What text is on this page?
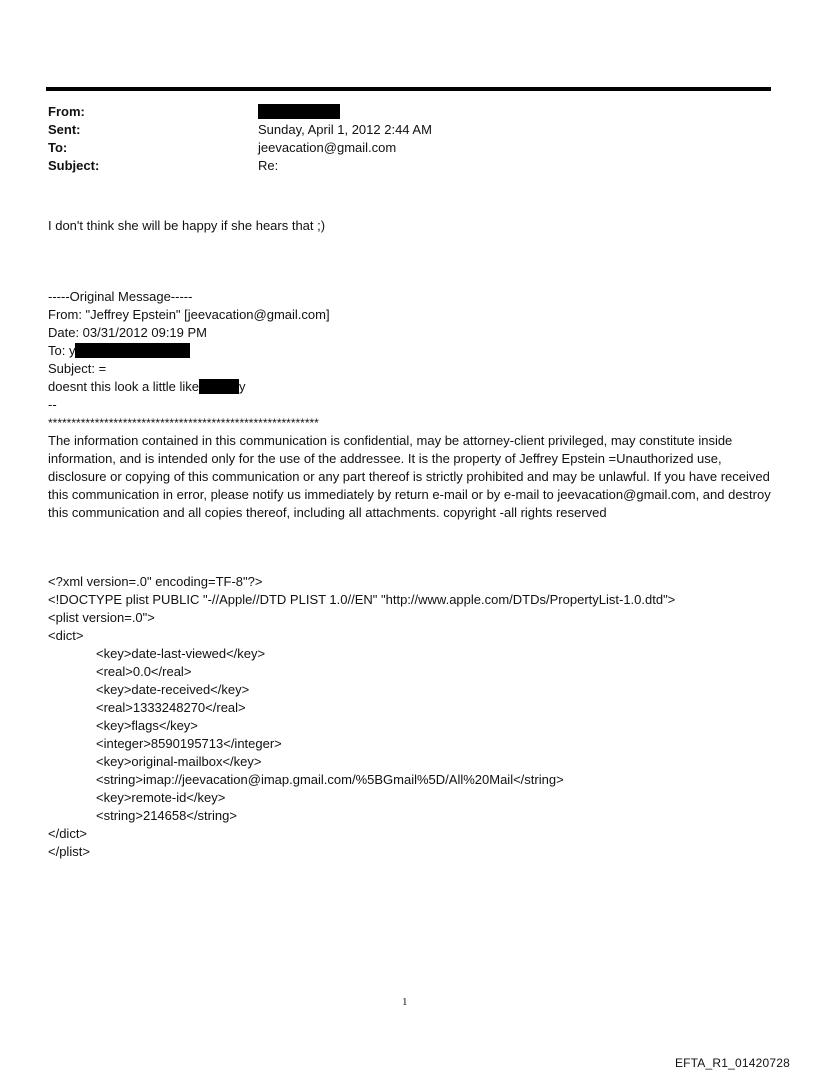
From:
Sent:	Sunday, April 1, 2012 2:44 AM
To:	jeevacation@gmail.com
Subject:	Re:
I don't think she will be happy if she hears that ;)
-----Original Message-----
From: "Jeffrey Epstein" [jeevacation@gmail.com]
Date: 03/31/2012 09:19 PM
To: y
Subject: =
doesnt this look a little like	y
--
**********************************************************
The information contained in this communication is confidential, may be attorney-client privileged, may constitute inside information, and is intended only for the use of the addressee. It is the property of Jeffrey Epstein =Unauthorized use, disclosure or copying of this communication or any part thereof is strictly prohibited and may be unlawful. If you have received this communication in error, please notify us immediately by return e-mail or by e-mail to jeevacation@gmail.com, and destroy this communication and all copies thereof, including all attachments. copyright -all rights reserved
<?xml version=.0" encoding=TF-8"?>
<!DOCTYPE plist PUBLIC "-//Apple//DTD PLIST 1.0//EN" "http://www.apple.com/DTDs/PropertyList-1.0.dtd">
<plist version=.0">
<dict>
<key>date-last-viewed</key>
<real>0.0</real>
<key>date-received</key>
<real>1333248270</real>
<key>flags</key>
<integer>8590195713</integer>
<key>original-mailbox</key>
<string>imap://jeevacation@imap.gmail.com/%5BGmail%5D/All%20Mail</string>
<key>remote-id</key>
<string>214658</string>
</dict>
</plist>
1
EFTA_R1_01420728
